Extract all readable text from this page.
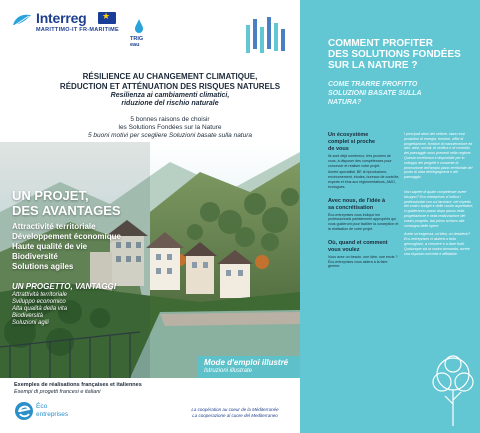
Interreg
★
MARITTIMO-IT FR-MARITIME
TRIG
eau
RÉSILIENCE AU CHANGEMENT CLIMATIQUE,
RÉDUCTION ET ATTÉNUATION DES RISQUES NATURELS
Resilienza ai cambiamenti climatici,
riduzione del rischio naturale
5 bonnes raisons de choisir
les Solutions Fondées sur la Nature
5 buoni motivi per scegliere Soluzioni basate sulla natura
UN PROJET,
DES AVANTAGES
Attractivité territoriale
Développement économique
Haute qualité de vie
Biodiversité
Solutions agiles
UN PROGETTO, VANTAGGI
Attrattività territoriale
Sviluppo economico
Alta qualità della vita
Biodiversità
Soluzioni agili
Mode d'emploi illustré
Istruzioni illustrate
Exemples de réalisations françaises et italiennes
Esempi di progetti francesi e italiani
Éco
entreprises
La coopération au coeur de la Méditerranée
La cooperazione al cuore del Mediterraneo
COMMENT PROFITER
DES SOLUTIONS FONDÉES
SUR LA NATURE ?
COME TRARRE PROFITTO
SOLUZIONI BASATE SULLA
NATURA?
Un écosystème
complet si proche
de vous

Ils sont déjà nombreux, très proches de vous, à disposer des compétences pour concevoir et réaliser votre projet.

Avrete specialisti, BE di riproduzione, environnement, études, bureaux de contrôle, experts et élus aux réglementations, AMO, écologues.

Avec nous, de l'idée à
sa concrétisation

Éco-entreprises vous indique les professionnels parfaitement appropriés qui vous guideront pour faciliter la conception et la réalisation de votre projet.

Où, quand et comment
vous voulez

Vous avez un besoin, une idée, une envie ? Éco-entreprises vous aidera à la faire germer.

I principali attori del settore, siano essi produttori di energia, fornitori, uffici di progettazione, fornitori di manutenzione ed altri, attivi, sociali, di verifica e di controllo del paesaggio sono presenti nella regione. Questa eccellenza è disponibile per lo sviluppo dei progetti e consente la promozione dell'ampio piano territoriale del punto di vista dell'ingegneria e del paesaggio.

Non sapete di quale competenze avete bisogno? Eco-entreprises vi indica i professionisti con cui lavorare, nel rispetto del vostro budget e delle vostre aspettative, vi guideranno passo dopo passo nella progettazione e nella realizzazione del vostro progetto, dal primo schizzo alla consegna delle opere.

Avete un'esigenza, un'idea, un desiderio? Eco-entreprises vi aiuterà a farla germogliare, a crescere e a dare frutti. Qualunque sia la vostra domanda, avrete una risposta concreta e affidabile.
